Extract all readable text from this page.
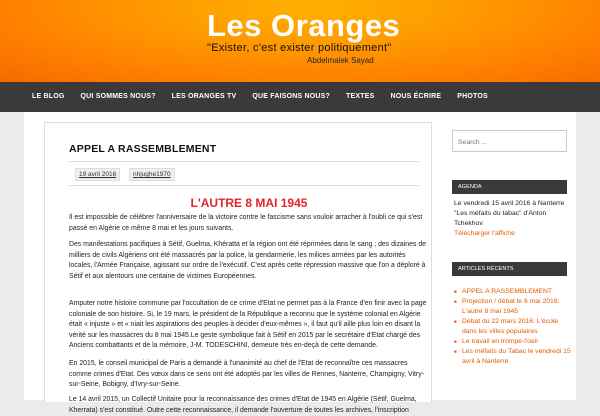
Les Oranges
"Exister, c'est exister politiquement"
Abdelmalek Sayad
LE BLOG	QUI SOMMES NOUS?	LES ORANGES TV	QUE FAISONS NOUS?	TEXTES	NOUS ÉCRIRE	PHOTOS
APPEL A RASSEMBLEMENT
19 avril 2016	nhjughe1970
L'AUTRE 8 MAI 1945

Il est impossible de célébrer l'anniversaire de la victoire contre le fascisme sans vouloir arracher à l'oubli ce qui s'est passé en Algérie ce même 8 mai et les jours suivants.

Des manifestations pacifiques à Sétif, Guelma, Khératta et la région ont été réprimées dans le sang ; des dizaines de milliers de civils Algériens ont été massacrés par la police, la gendarmerie, les milices armées par les autorités locales, l'Armée Française, agissant sur ordre de l'exécutif. C'est après cette répression massive que l'on a déploré à Sétif et aux alentours une centaine de victimes Européennes.

Amputer notre histoire commune par l'occultation de ce crime d'Etat ne permet pas à la France d'en finir avec la page coloniale de son histoire. Si, le 19 mars, le président de la République a reconnu que le système colonial en Algérie était « injuste » et « niait les aspirations des peuples à décider d'eux-mêmes », il faut qu'il aille plus loin en disant la vérité sur les massacres du 8 mai 1945.Le geste symbolique fait à Sétif en 2015 par le secrétaire d'Etat chargé des Anciens combattants et de la mémoire, J-M. TODESCHINI, demeure très en-deçà de cette demande.

En 2015, le conseil municipal de Paris a demandé à l'unanimité au chef de l'Etat de reconnaître ces massacres comme crimes d'Etat. Des vœux dans ce sens ont été adoptés par les villes de Rennes, Nanterre, Champigny, Vitry-sur-Seine, Bobigny, d'Ivry-sur-Seine.

Le 14 avril 2015, un Collectif Unitaire pour la reconnaissance des crimes d'Etat de 1945 en Algérie (Sétif, Guelma, Kherrata) s'est constitué. Outre cette reconnaissance, il demande l'ouverture de toutes les archives, l'inscription

Search ...
AGENDA
Le vendredi 15 avril 2016 à Nanterre "Les méfaits du tabac" d'Anton Tchekhov
Télécharger l'affiche
ARTICLES RÉCENTS
■ APPEL A RASSEMBLEMENT
■ Projection / débat le 6 mai 2016: L'autre 8 mai 1945
■ Débat du 22 mars 2016: L'école dans les villes populaires
■ Le travail en trompe-l'oeil
■ Les méfaits du Tabac le vendredi 15 avril à Nanterre
